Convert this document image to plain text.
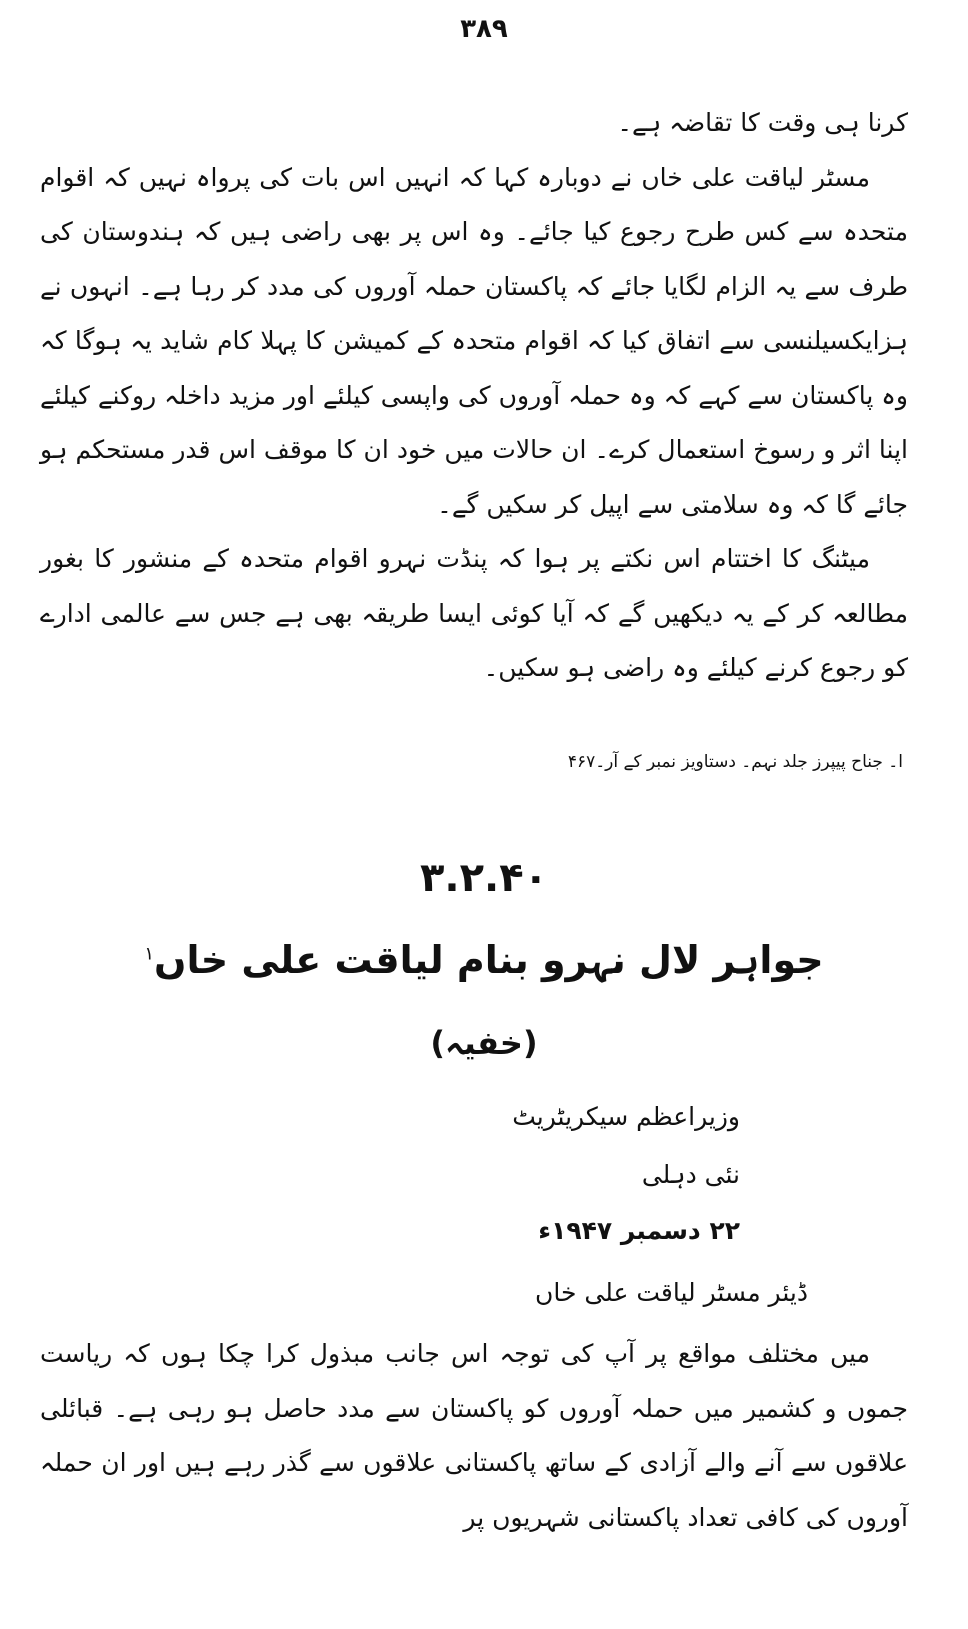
۳۸۹

کرنا ہی وقت کا تقاضہ ہے۔

مسٹر لیاقت علی خاں نے دوبارہ کہا کہ انہیں اس بات کی پرواہ نہیں کہ اقوام متحدہ سے کس طرح رجوع کیا جائے۔ وہ اس پر بھی راضی ہیں کہ ہندوستان کی طرف سے یہ الزام لگایا جائے کہ پاکستان حملہ آوروں کی مدد کر رہا ہے۔ انہوں نے ہزایکسیلنسی سے اتفاق کیا کہ اقوام متحدہ کے کمیشن کا پہلا کام شاید یہ ہوگا کہ وہ پاکستان سے کہے کہ وہ حملہ آوروں کی واپسی کیلئے اور مزید داخلہ روکنے کیلئے اپنا اثر و رسوخ استعمال کرے۔ ان حالات میں خود ان کا موقف اس قدر مستحکم ہو جائے گا کہ وہ سلامتی سے اپیل کر سکیں گے۔

میٹنگ کا اختتام اس نکتے پر ہوا کہ پنڈت نہرو اقوام متحدہ کے منشور کا بغور مطالعہ کر کے یہ دیکھیں گے کہ آیا کوئی ایسا طریقہ بھی ہے جس سے عالمی ادارے کو رجوع کرنے کیلئے وہ راضی ہو سکیں۔

ا۔ جناح پیپرز جلد نہم۔ دستاویز نمبر کے آر۔۴۶۷
۳.۲.۴۰
جواہر لال نہرو بنام لیاقت علی خاں$^۱$
(خفیہ)
وزیراعظم سیکریٹریٹ
نئی دہلی
۲۲ دسمبر ۱۹۴۷ء
ڈیئر مسٹر لیاقت علی خاں

میں مختلف مواقع پر آپ کی توجہ اس جانب مبذول کرا چکا ہوں کہ ریاست جموں و کشمیر میں حملہ آوروں کو پاکستان سے مدد حاصل ہو رہی ہے۔ قبائلی علاقوں سے آنے والے آزادی کے ساتھ پاکستانی علاقوں سے گذر رہے ہیں اور ان حملہ آوروں کی کافی تعداد پاکستانی شہریوں پر
